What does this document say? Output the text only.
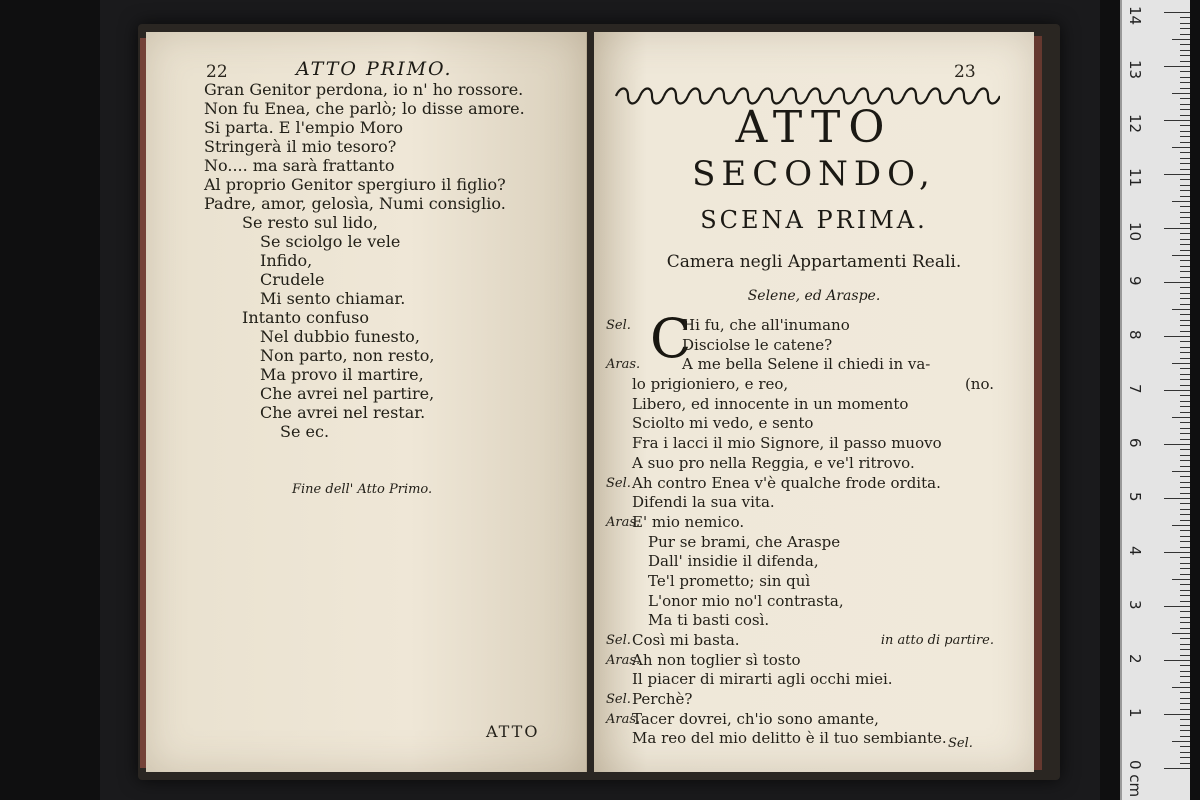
22	ATTO PRIMO.
Gran Genitor perdona, io n' ho rossore.
Non fu Enea, che parlò; lo disse amore.
Si parta. E l'empio Moro
Stringerà il mio tesoro?
No.... ma sarà frattanto
Al proprio Genitor spergiuro il figlio?
Padre, amor, gelosìa, Numi consiglio.
Se resto sul lido,
Se sciolgo le vele
Infido,
Crudele
Mi sento chiamar.
Intanto confuso
Nel dubbio funesto,
Non parto, non resto,
Ma provo il martire,
Che avrei nel partire,
Che avrei nel restar.
Se ec.
Fine dell' Atto Primo.
ATTO
23
ATTO
SECONDO,
SCENA PRIMA.
Camera negli Appartamenti Reali.
Selene, ed Araspe.
C
Sel.	Hi fu, che all'inumano
Disciolse le catene?
Aras.	A me bella Selene il chiedi in va-
lo prigioniero, e reo,	(no.
Libero, ed innocente in un momento
Sciolto mi vedo, e sento
Fra i lacci il mio Signore, il passo muovo
A suo pro nella Reggia, e ve'l ritrovo.
Sel. Ah contro Enea v'è qualche frode ordita.
Difendi la sua vita.
Aras.
E' mio nemico.
Pur se brami, che Araspe
Dall' insidie il difenda,
Te'l prometto; sin quì
L'onor mio no'l contrasta,
Ma ti basti così.
Sel. Così mi basta.	in atto di partire.
Aras.
Ah non toglier sì tosto
Il piacer di mirarti agli occhi miei.
Sel. Perchè?
Aras.
Tacer dovrei, ch'io sono amante,
Ma reo del mio delitto è il tuo sembiante. Sel.
1
2
3
4
5
6
7
8
9
10
11
12
13
14
0 cm
